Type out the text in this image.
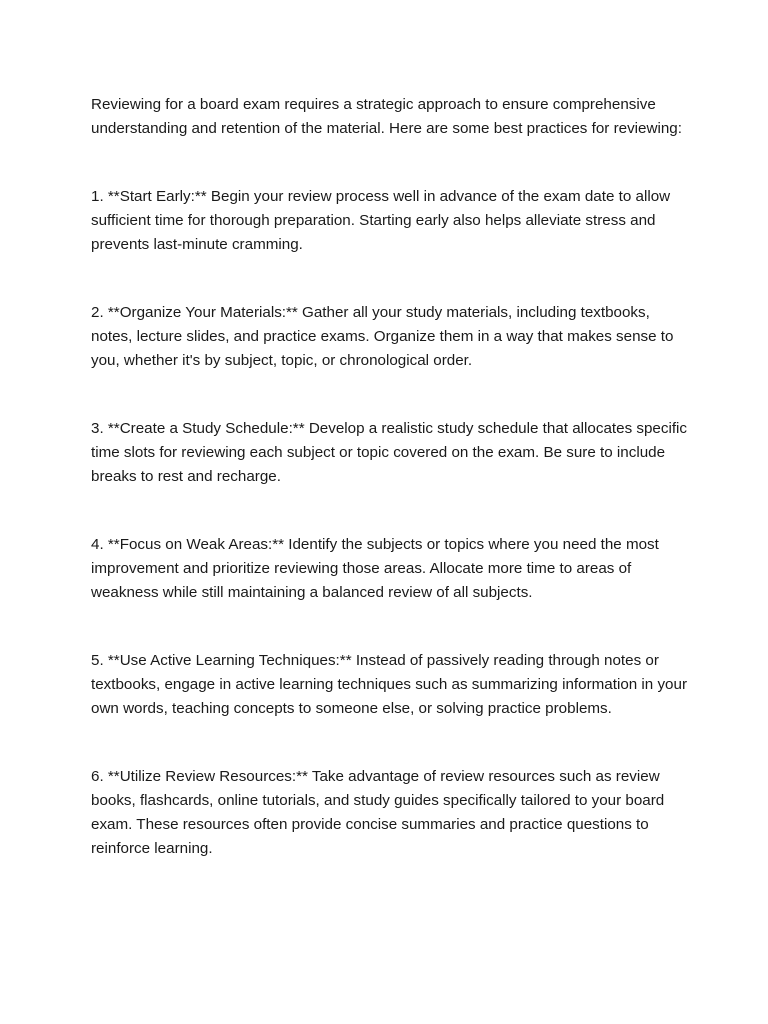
Reviewing for a board exam requires a strategic approach to ensure comprehensive understanding and retention of the material. Here are some best practices for reviewing:

1. **Start Early:** Begin your review process well in advance of the exam date to allow sufficient time for thorough preparation. Starting early also helps alleviate stress and prevents last-minute cramming.

2. **Organize Your Materials:** Gather all your study materials, including textbooks, notes, lecture slides, and practice exams. Organize them in a way that makes sense to you, whether it's by subject, topic, or chronological order.

3. **Create a Study Schedule:** Develop a realistic study schedule that allocates specific time slots for reviewing each subject or topic covered on the exam. Be sure to include breaks to rest and recharge.

4. **Focus on Weak Areas:** Identify the subjects or topics where you need the most improvement and prioritize reviewing those areas. Allocate more time to areas of weakness while still maintaining a balanced review of all subjects.

5. **Use Active Learning Techniques:** Instead of passively reading through notes or textbooks, engage in active learning techniques such as summarizing information in your own words, teaching concepts to someone else, or solving practice problems.

6. **Utilize Review Resources:** Take advantage of review resources such as review books, flashcards, online tutorials, and study guides specifically tailored to your board exam. These resources often provide concise summaries and practice questions to reinforce learning.
